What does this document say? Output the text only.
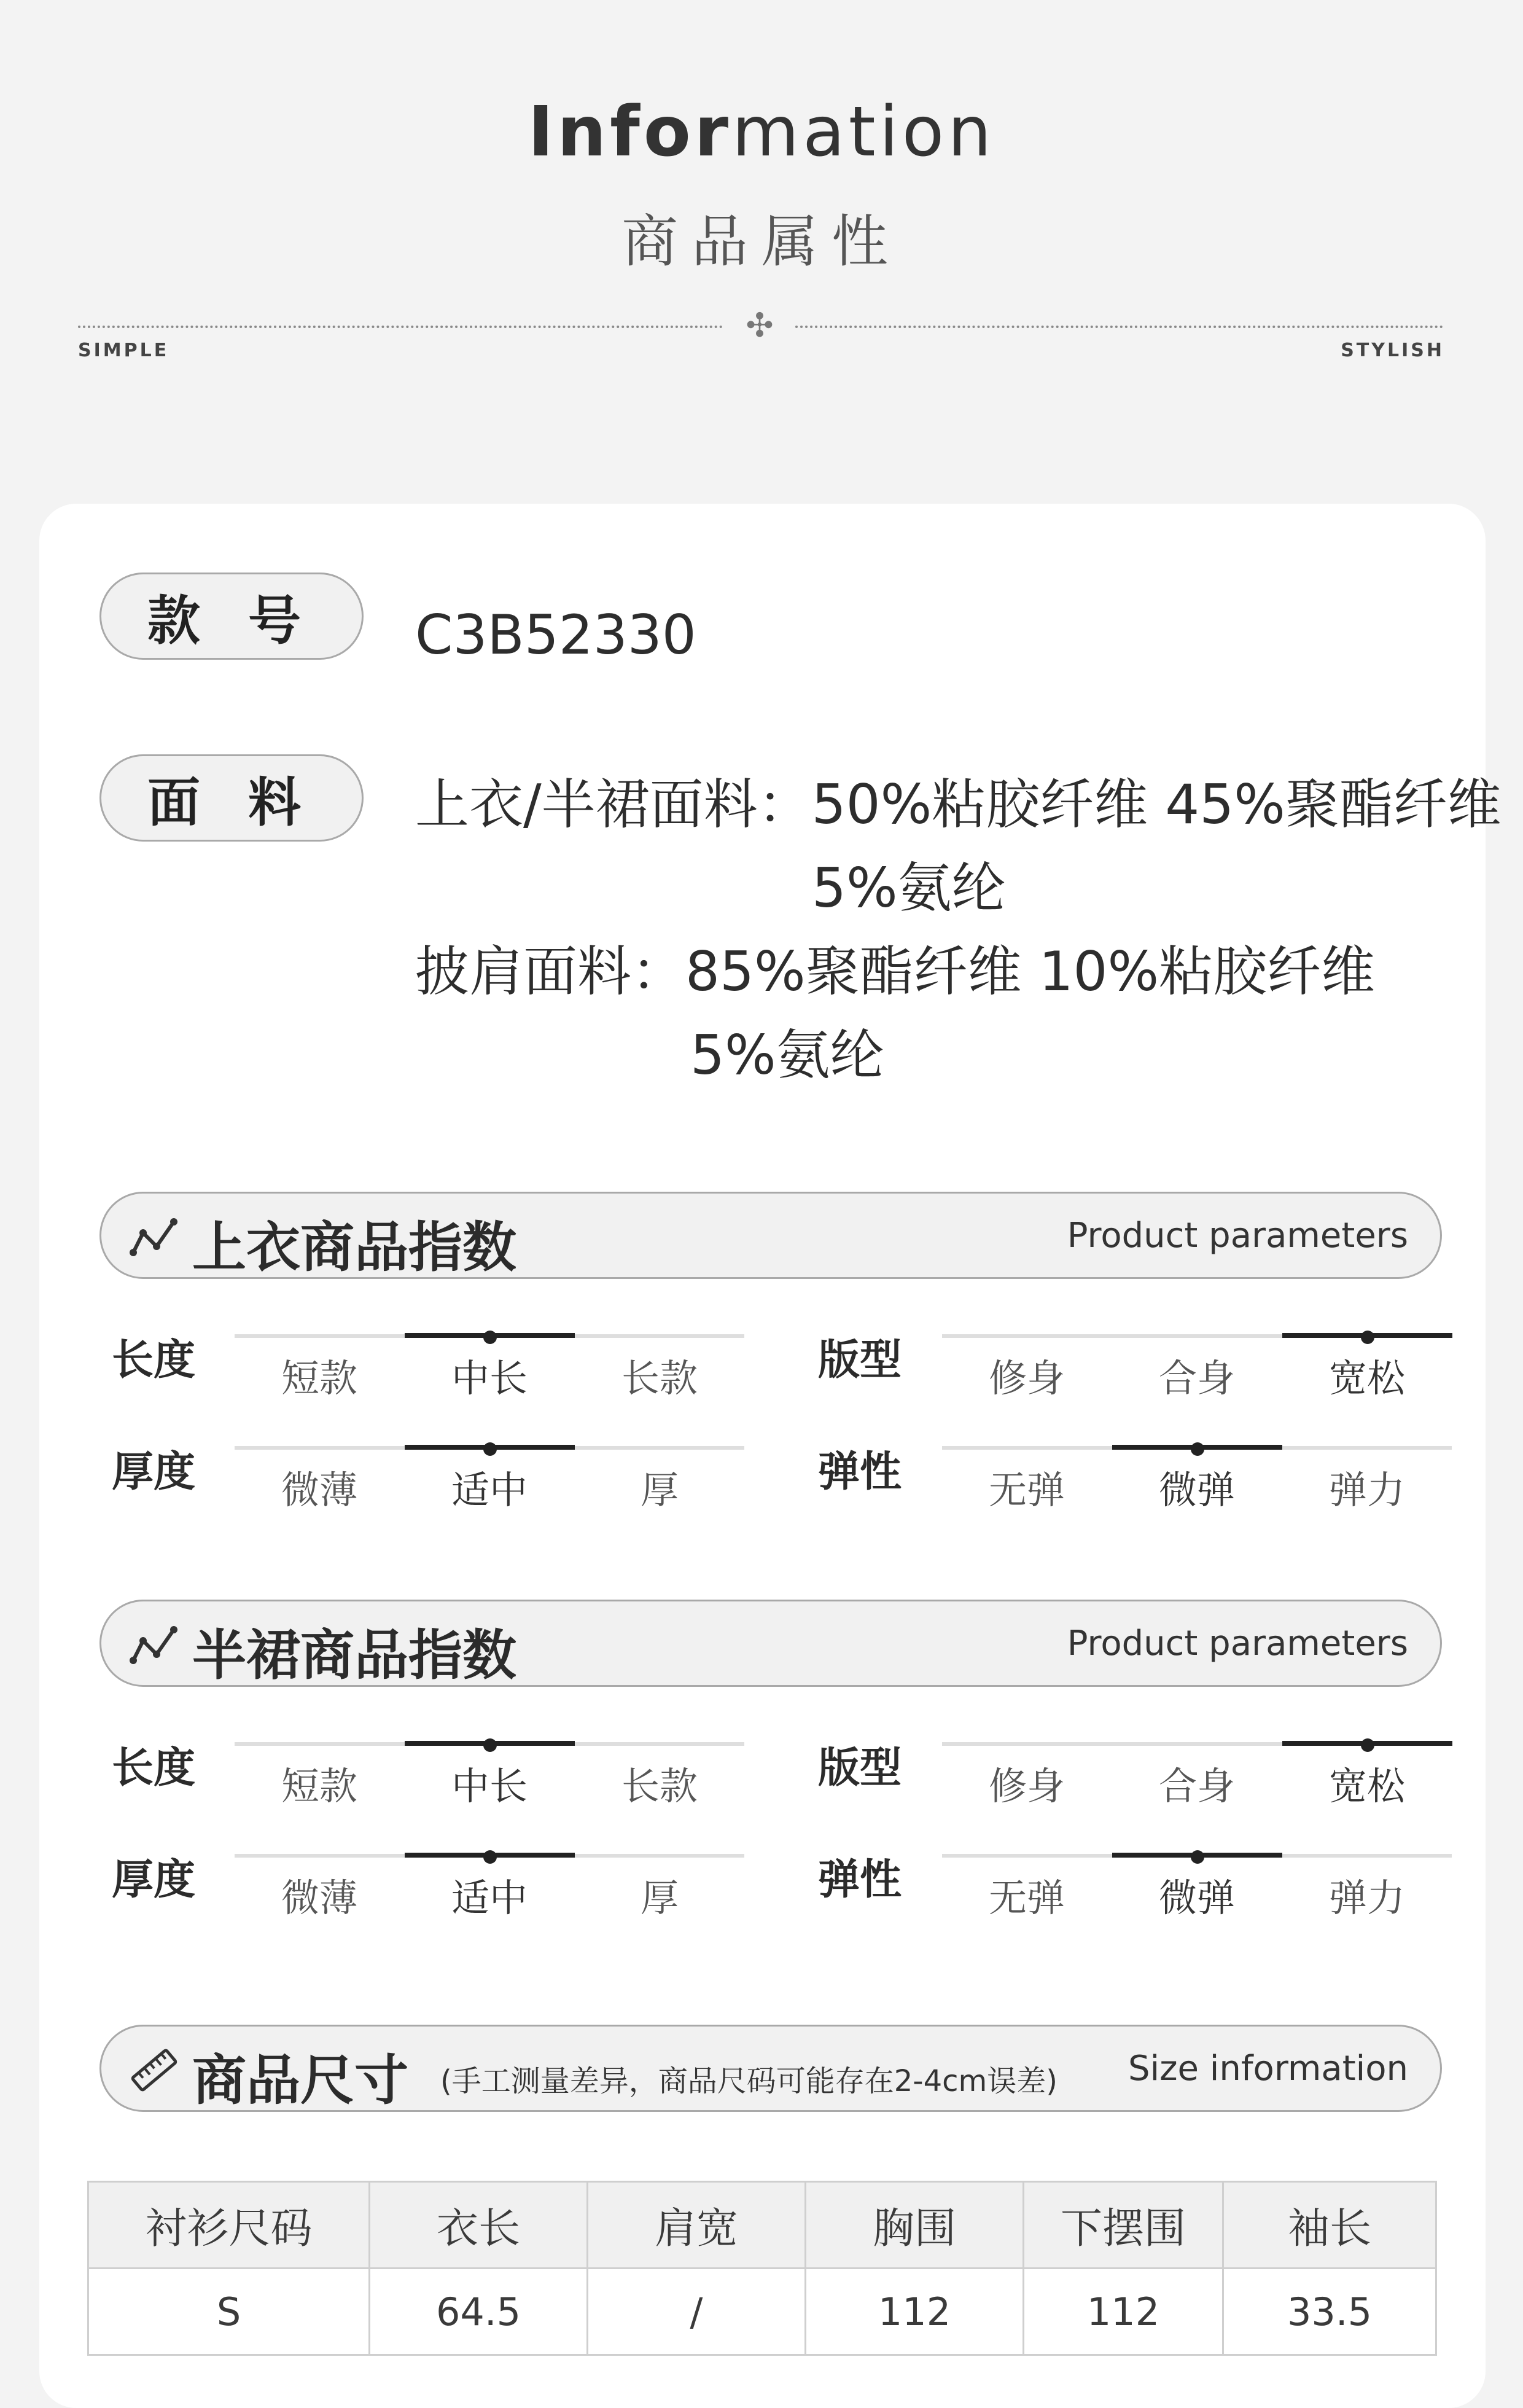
Information
商品属性
✣
SIMPLE	STYLISH
款 号	C3B52330
面 料	上衣/半裙面料：50%粘胶纤维 45%聚酯纤维
5%氨纶
披肩面料：85%聚酯纤维 10%粘胶纤维
5%氨纶
上衣商品指数	Product parameters
长度	短款	中长	长款	版型	修身	合身	宽松
厚度	微薄	适中	厚	弹性	无弹	微弹	弹力
半裙商品指数	Product parameters
长度	短款	中长	长款	版型	修身	合身	宽松
厚度	微薄	适中	厚	弹性	无弹	微弹	弹力
商品尺寸 (手工测量差异，商品尺码可能存在2-4cm误差) Size information
衬衫尺码	衣长	肩宽	胸围	下摆围	袖长
S	64.5	/	112	112	33.5
